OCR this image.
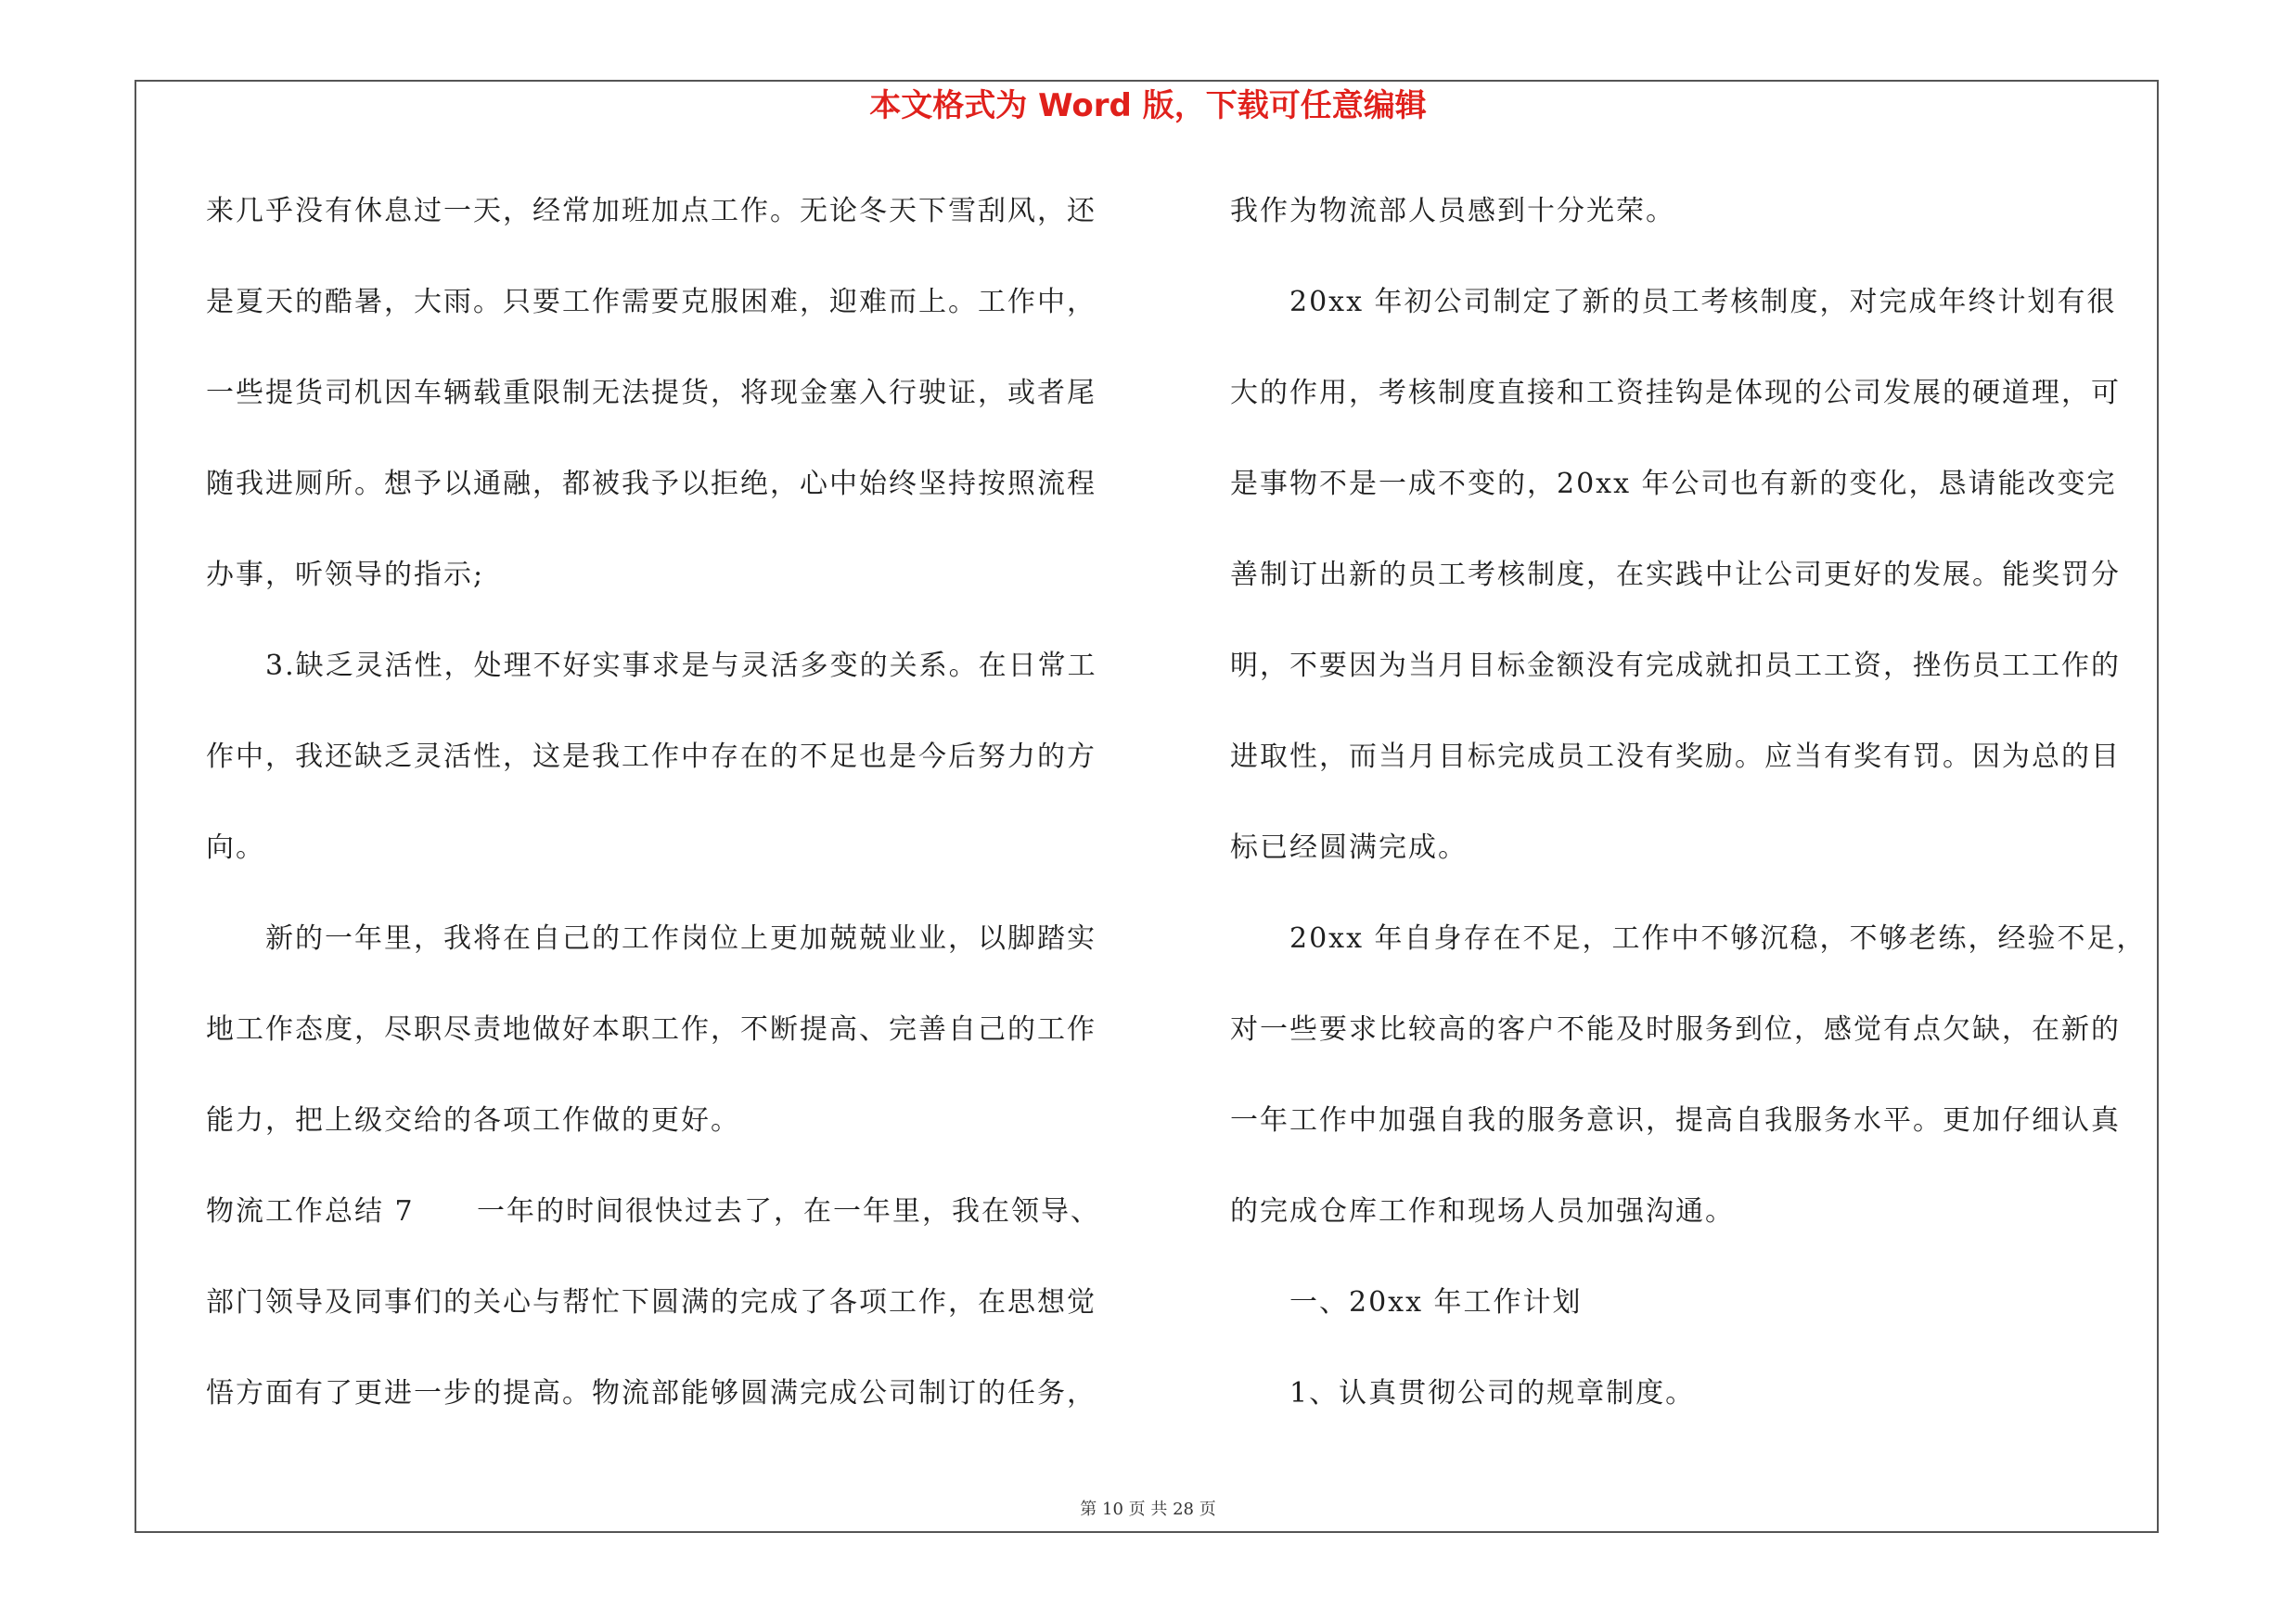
本文格式为 Word 版，下载可任意编辑
来几乎没有休息过一天，经常加班加点工作。无论冬天下雪刮风，还
是夏天的酷暑，大雨。只要工作需要克服困难，迎难而上。工作中，
一些提货司机因车辆载重限制无法提货，将现金塞入行驶证，或者尾
随我进厕所。想予以通融，都被我予以拒绝，心中始终坚持按照流程
办事，听领导的指示;
3.缺乏灵活性，处理不好实事求是与灵活多变的关系。在日常工
作中，我还缺乏灵活性，这是我工作中存在的不足也是今后努力的方
向。
新的一年里，我将在自己的工作岗位上更加兢兢业业，以脚踏实
地工作态度，尽职尽责地做好本职工作，不断提高、完善自己的工作
能力，把上级交给的各项工作做的更好。
物流工作总结 7 一年的时间很快过去了，在一年里，我在领导、
部门领导及同事们的关心与帮忙下圆满的完成了各项工作，在思想觉
悟方面有了更进一步的提高。物流部能够圆满完成公司制订的任务，
我作为物流部人员感到十分光荣。
20xx 年初公司制定了新的员工考核制度，对完成年终计划有很
大的作用，考核制度直接和工资挂钩是体现的公司发展的硬道理，可
是事物不是一成不变的，20xx 年公司也有新的变化，恳请能改变完
善制订出新的员工考核制度，在实践中让公司更好的发展。能奖罚分
明，不要因为当月目标金额没有完成就扣员工工资，挫伤员工工作的
进取性，而当月目标完成员工没有奖励。应当有奖有罚。因为总的目
标已经圆满完成。
20xx 年自身存在不足，工作中不够沉稳，不够老练，经验不足，
对一些要求比较高的客户不能及时服务到位，感觉有点欠缺，在新的
一年工作中加强自我的服务意识，提高自我服务水平。更加仔细认真
的完成仓库工作和现场人员加强沟通。
一、20xx 年工作计划
1、认真贯彻公司的规章制度。
第 10 页 共 28 页
